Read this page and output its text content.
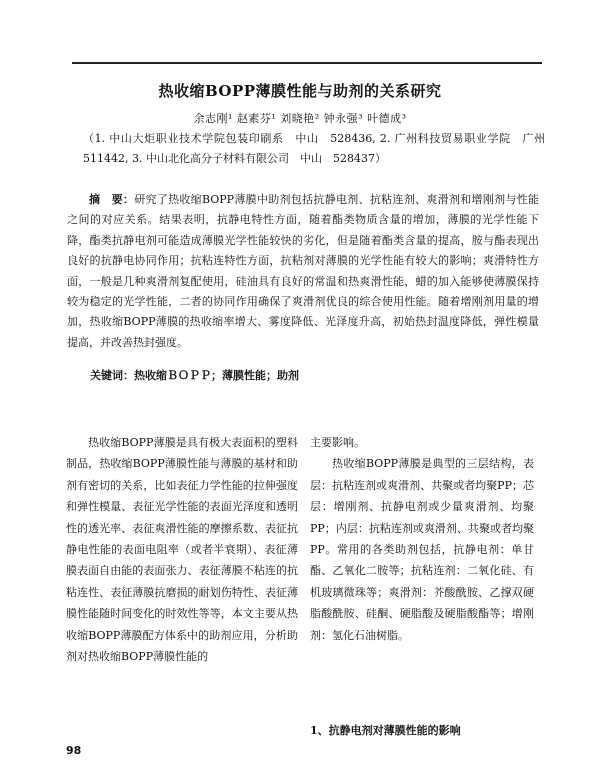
热收缩BOPP薄膜性能与助剂的关系研究
余志刚¹ 赵素芬¹ 刘晓艳² 钟永强³ 叶德成³
（1. 中山大炬职业技术学院包装印刷系　中山　528436, 2. 广州科技贸易职业学院　广州　511442, 3. 中山北化高分子材料有限公司　中山　528437）
摘　要：研究了热收缩BOPP薄膜中助剂包括抗静电剂、抗粘连剂、爽滑剂和增刚剂与性能之间的对应关系。结果表明，抗静电特性方面，随着酯类物质含量的增加，薄膜的光学性能下降，酯类抗静电剂可能造成薄膜光学性能较快的劣化，但是随着酯类含量的提高，胺与酯表现出良好的抗静电协同作用；抗粘连特性方面，抗粘剂对薄膜的光学性能有较大的影响；爽滑特性方面，一般是几种爽滑剂复配使用，硅油具有良好的常温和热爽滑性能，蜡的加入能够使薄膜保持较为稳定的光学性能，二者的协同作用确保了爽滑剂优良的综合使用性能。随着增刚剂用量的增加，热收缩BOPP薄膜的热收缩率增大、雾度降低、光泽度升高，初始热封温度降低，弹性模量提高，并改善热封强度。
关键词：热收缩ＢＯＰＰ；薄膜性能；助剂

热收缩BOPP薄膜是具有极大表面积的塑料制品，热收缩BOPP薄膜性能与薄膜的基材和助剂有密切的关系，比如表征力学性能的拉伸强度和弹性模量、表征光学性能的表面光泽度和透明性的透光率、表征爽滑性能的摩擦系数、表征抗静电性能的表面电阻率（或者半衰期）、表征薄膜表面自由能的表面张力、表征薄膜不粘连的抗粘连性、表征薄膜抗磨损的耐划伤特性、表征薄膜性能随时间变化的时效性等等，本文主要从热收缩BOPP薄膜配方体系中的助剂应用，分析助剂对热收缩BOPP薄膜性能的

主要影响。

热收缩BOPP薄膜是典型的三层结构，表层：抗粘连剂或爽滑剂、共聚或者均聚PP；芯层：增刚剂、抗静电剂或少量爽滑剂、均聚PP；内层：抗粘连剂或爽滑剂、共聚或者均聚PP。常用的各类助剂包括，抗静电剂：单甘酯、乙氧化二胺等；抗粘连剂：二氧化硅、有机玻璃微珠等；爽滑剂：芥酸酰胺、乙撑双硬脂酸酰胺、硅酮、硬脂酸及硬脂酸酯等；增刚剂：氢化石油树脂。

1、抗静电剂对薄膜性能的影响
98
